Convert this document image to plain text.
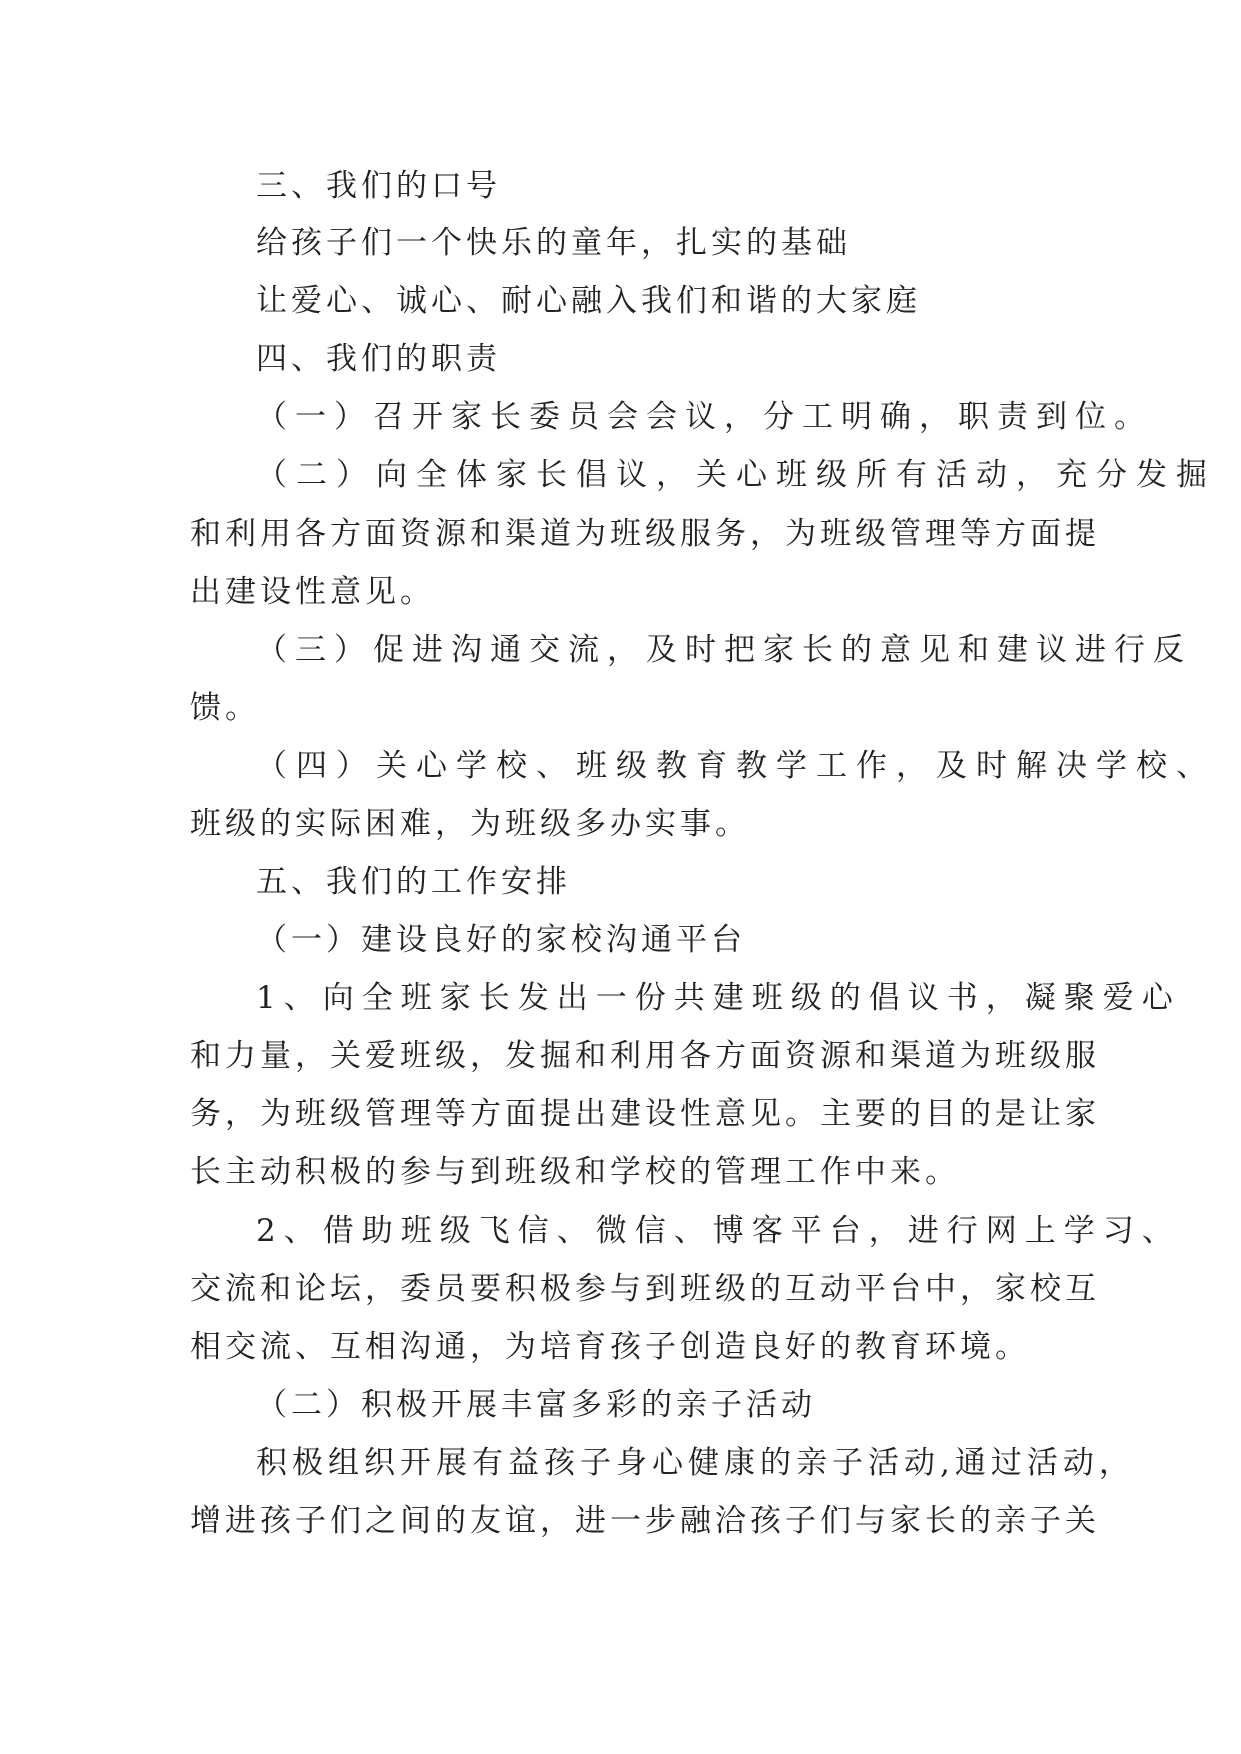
三、我们的口号

给孩子们一个快乐的童年，扎实的基础

让爱心、诚心、耐心融入我们和谐的大家庭

四、我们的职责

（一）召开家长委员会会议，分工明确，职责到位。

（二）向全体家长倡议，关心班级所有活动，充分发掘

和利用各方面资源和渠道为班级服务，为班级管理等方面提

出建设性意见。

（三）促进沟通交流，及时把家长的意见和建议进行反

馈。

（四）关心学校、班级教育教学工作，及时解决学校、

班级的实际困难，为班级多办实事。

五、我们的工作安排

（一）建设良好的家校沟通平台

1、向全班家长发出一份共建班级的倡议书，凝聚爱心

和力量，关爱班级，发掘和利用各方面资源和渠道为班级服

务，为班级管理等方面提出建设性意见。主要的目的是让家

长主动积极的参与到班级和学校的管理工作中来。

2、借助班级飞信、微信、博客平台，进行网上学习、

交流和论坛，委员要积极参与到班级的互动平台中，家校互

相交流、互相沟通，为培育孩子创造良好的教育环境。

（二）积极开展丰富多彩的亲子活动

积极组织开展有益孩子身心健康的亲子活动,通过活动，

增进孩子们之间的友谊，进一步融洽孩子们与家长的亲子关
